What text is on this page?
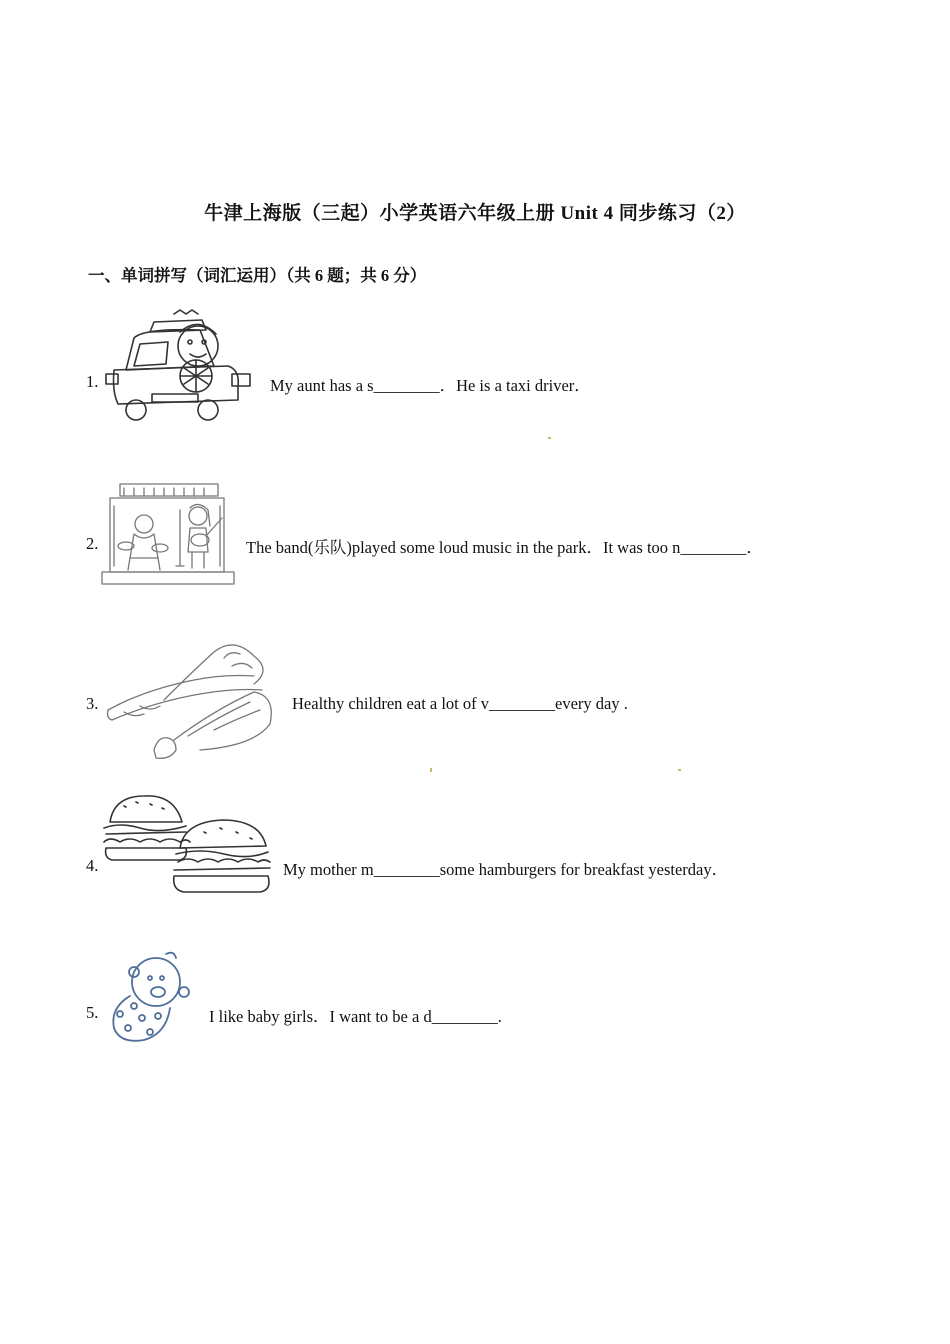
牛津上海版（三起）小学英语六年级上册 Unit 4 同步练习（2）
一、单词拼写（词汇运用）（共 6 题；共 6 分）
1.	My aunt has a s________．He is a taxi driver．
2.	The band(乐队)played some loud music in the park．It was too n________．
3.	Healthy children eat a lot of v________every day .
4.	My mother m________some hamburgers for breakfast yesterday．
5.	I like baby girls．I want to be a d________.
